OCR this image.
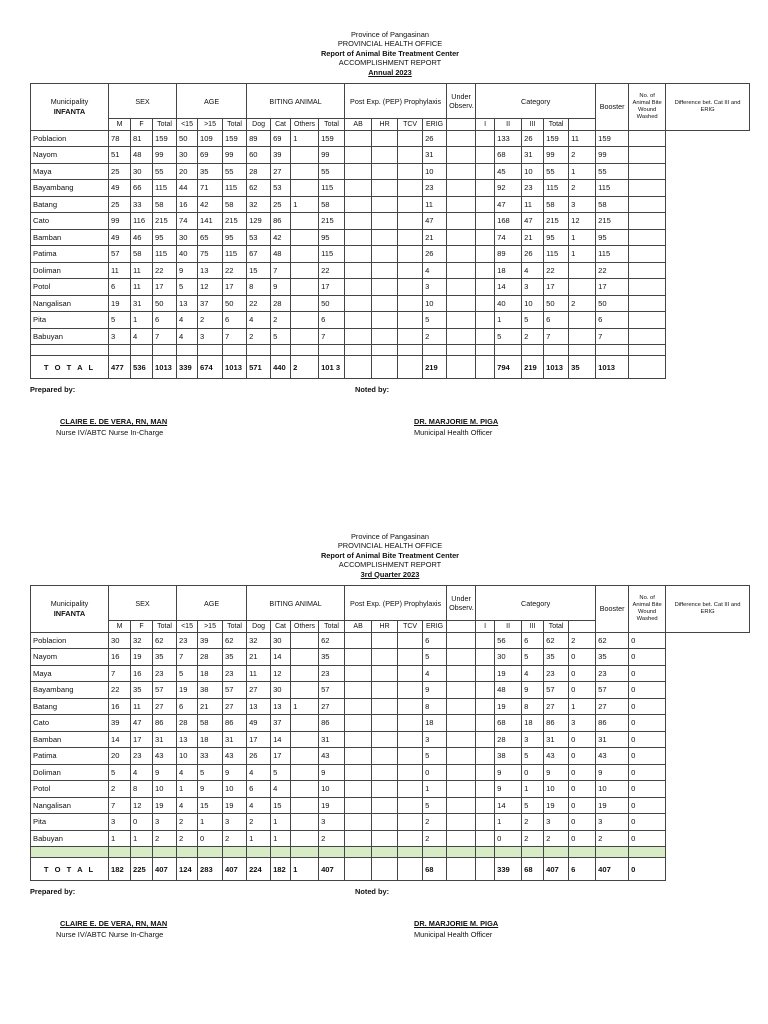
Province of Pangasinan
PROVINCIAL HEALTH OFFICE
Report of Animal Bite Treatment Center
ACCOMPLISHMENT REPORT
Annual 2023
Municipality
INFANTA	SEX			AGE			BITING ANIMAL				Post Exp. (PEP) Prophylaxis				Under Observ.	Category					Booster	No. of Animal Bite Wound Washed	Difference bet. Cat III and ERIG
	M	F	Total	<15	>15	Total	Dog	Cat	Others	Total	AB	HR	TCV	ERIG		I	II	III	Total				
Poblacion	78	81	159	50	109	159	89	69	1	159				26			133	26	159	11	159		
Nayom	51	48	99	30	69	99	60	39		99				31			68	31	99	2	99		
Maya	25	30	55	20	35	55	28	27		55				10			45	10	55	1	55		
Bayambang	49	66	115	44	71	115	62	53		115				23			92	23	115	2	115		
Batang	25	33	58	16	42	58	32	25	1	58				11			47	11	58	3	58		
Cato	99	116	215	74	141	215	129	86		215				47			168	47	215	12	215		
Bamban	49	46	95	30	65	95	53	42		95				21			74	21	95	1	95		
Patima	57	58	115	40	75	115	67	48		115				26			89	26	115	1	115		
Doliman	11	11	22	9	13	22	15	7		22				4			18	4	22		22		
Potol	6	11	17	5	12	17	8	9		17				3			14	3	17		17		
Nangalisan	19	31	50	13	37	50	22	28		50				10			40	10	50	2	50		
Pita	5	1	6	4	2	6	4	2		6				5			1	5	6		6		
Babuyan	3	4	7	4	3	7	2	5		7				2			5	2	7		7		

T O T A L	477	536	1013	339	674	1013	571	440	2	101 3				219			794	219	1013	35	1013		
Prepared by:	Noted by:
CLAIRE E. DE VERA, RN, MAN
Nurse IV/ABTC Nurse In-Charge
DR. MARJORIE M. PIGA
Municipal Health Officer
Province of Pangasinan
PROVINCIAL HEALTH OFFICE
Report of Animal Bite Treatment Center
ACCOMPLISHMENT REPORT
3rd Quarter 2023
Municipality
INFANTA	SEX			AGE			BITING ANIMAL				Post Exp. (PEP) Prophylaxis				Under Observ.	Category					Booster	No. of Animal Bite Wound Washed	Difference bet. Cat III and ERIG
	M	F	Total	<15	>15	Total	Dog	Cat	Others	Total	AB	HR	TCV	ERIG		I	II	III	Total				
Poblacion	30	32	62	23	39	62	32	30		62				6			56	6	62	2	62	0	
Nayom	16	19	35	7	28	35	21	14		35				5			30	5	35	0	35	0	
Maya	7	16	23	5	18	23	11	12		23				4			19	4	23	0	23	0	
Bayambang	22	35	57	19	38	57	27	30		57				9			48	9	57	0	57	0	
Batang	16	11	27	6	21	27	13	13	1	27				8			19	8	27	1	27	0	
Cato	39	47	86	28	58	86	49	37		86				18			68	18	86	3	86	0	
Bamban	14	17	31	13	18	31	17	14		31				3			28	3	31	0	31	0	
Patima	20	23	43	10	33	43	26	17		43				5			38	5	43	0	43	0	
Doliman	5	4	9	4	5	9	4	5		9				0			9	0	9	0	9	0	
Potol	2	8	10	1	9	10	6	4		10				1			9	1	10	0	10	0	
Nangalisan	7	12	19	4	15	19	4	15		19				5			14	5	19	0	19	0	
Pita	3	0	3	2	1	3	2	1		3				2			1	2	3	0	3	0	
Babuyan	1	1	2	2	0	2	1	1		2				2			0	2	2	0	2	0	

T O T A L	182	225	407	124	283	407	224	182	1	407				68			339	68	407	6	407	0	
Prepared by:	Noted by:
CLAIRE E. DE VERA, RN, MAN
Nurse IV/ABTC Nurse In-Charge
DR. MARJORIE M. PIGA
Municipal Health Officer
